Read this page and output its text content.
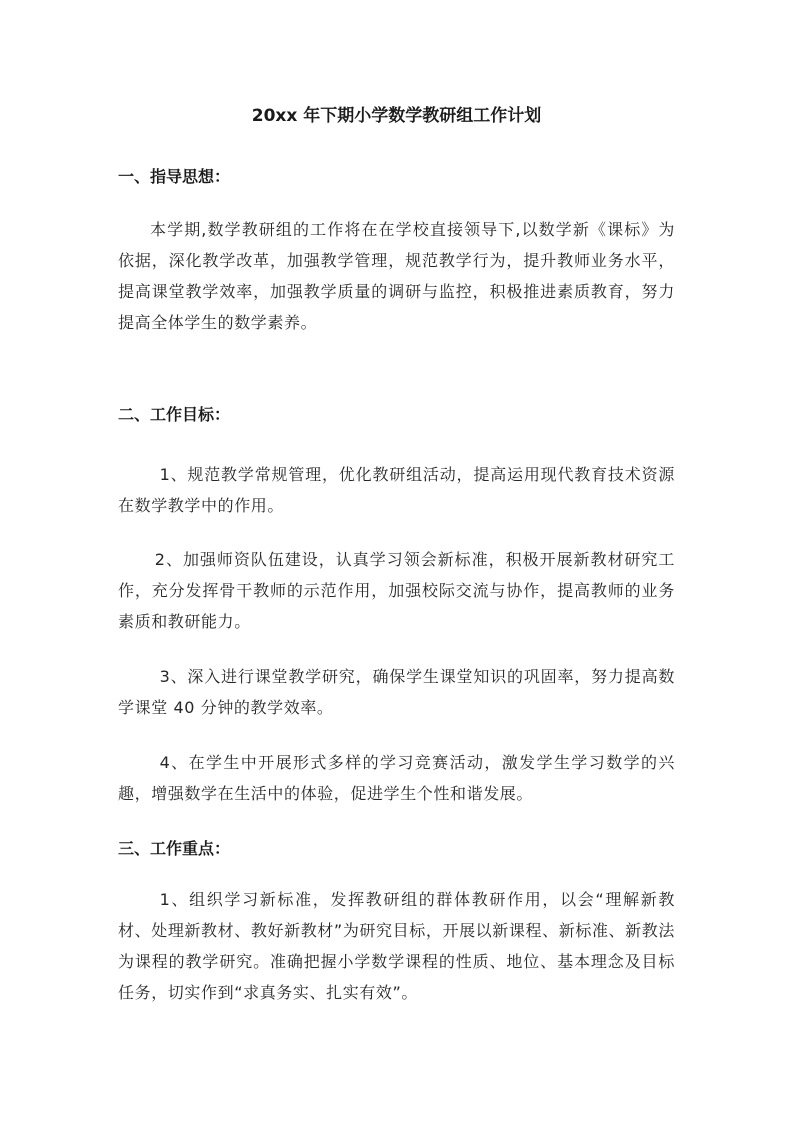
20xx 年下期小学数学教研组工作计划
一、指导思想：
本学期,数学教研组的工作将在在学校直接领导下,以数学新《课标》为依据，深化教学改革，加强教学管理，规范教学行为，提升教师业务水平，提高课堂教学效率，加强教学质量的调研与监控，积极推进素质教育，努力提高全体学生的数学素养。
二、工作目标：
1、规范教学常规管理，优化教研组活动，提高运用现代教育技术资源在数学教学中的作用。
2、加强师资队伍建设，认真学习领会新标准，积极开展新教材研究工作，充分发挥骨干教师的示范作用，加强校际交流与协作，提高教师的业务素质和教研能力。
3、深入进行课堂教学研究，确保学生课堂知识的巩固率，努力提高数学课堂 40 分钟的教学效率。
4、在学生中开展形式多样的学习竞赛活动，激发学生学习数学的兴趣，增强数学在生活中的体验，促进学生个性和谐发展。
三、工作重点：
1、组织学习新标准，发挥教研组的群体教研作用，以会“理解新教材、处理新教材、教好新教材”为研究目标，开展以新课程、新标准、新教法为课程的教学研究。准确把握小学数学课程的性质、地位、基本理念及目标任务，切实作到“求真务实、扎实有效”。
